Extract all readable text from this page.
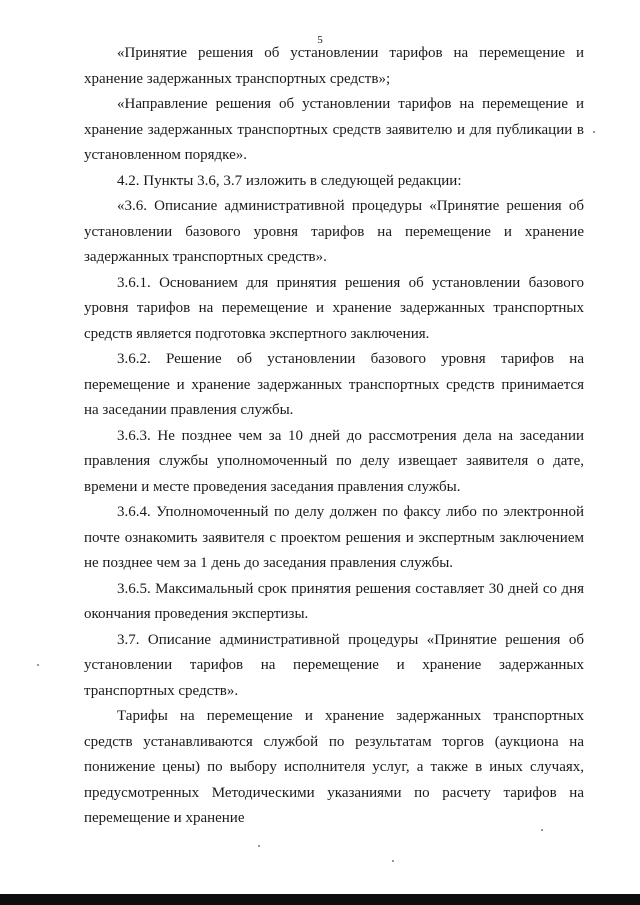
5

«Принятие решения об установлении тарифов на перемещение и хранение задержанных транспортных средств»;

«Направление решения об установлении тарифов на перемещение и хранение задержанных транспортных средств заявителю и для публикации в установленном порядке».

4.2. Пункты 3.6, 3.7 изложить в следующей редакции:

«3.6. Описание административной процедуры «Принятие решения об установлении базового уровня тарифов на перемещение и хранение задержанных транспортных средств».

3.6.1. Основанием для принятия решения об установлении базового уровня тарифов на перемещение и хранение задержанных транспортных средств является подготовка экспертного заключения.

3.6.2. Решение об установлении базового уровня тарифов на перемещение и хранение задержанных транспортных средств принимается на заседании правления службы.

3.6.3. Не позднее чем за 10 дней до рассмотрения дела на заседании правления службы уполномоченный по делу извещает заявителя о дате, времени и месте проведения заседания правления службы.

3.6.4. Уполномоченный по делу должен по факсу либо по электронной почте ознакомить заявителя с проектом решения и экспертным заключением не позднее чем за 1 день до заседания правления службы.

3.6.5. Максимальный срок принятия решения составляет 30 дней со дня окончания проведения экспертизы.

3.7. Описание административной процедуры «Принятие решения об установлении тарифов на перемещение и хранение задержанных транспортных средств».

Тарифы на перемещение и хранение задержанных транспортных средств устанавливаются службой по результатам торгов (аукциона на понижение цены) по выбору исполнителя услуг, а также в иных случаях, предусмотренных Методическими указаниями по расчету тарифов на перемещение и хранение
